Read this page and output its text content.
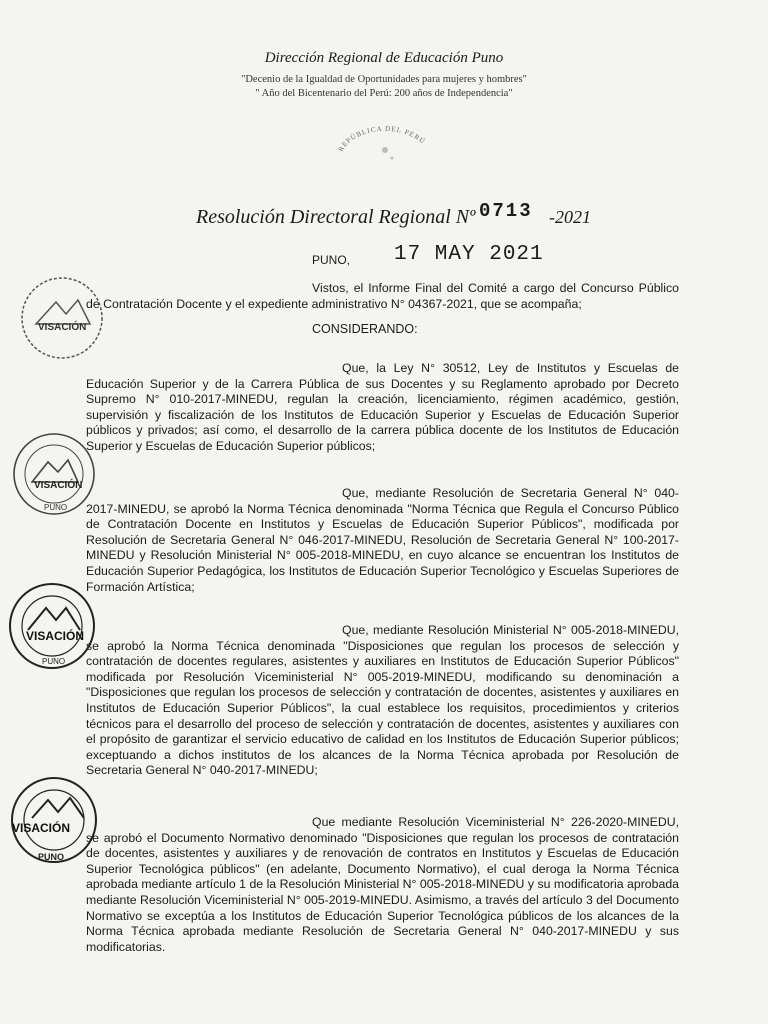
Dirección Regional de Educación Puno
"Decenio de la Igualdad de Oportunidades para mujeres y hombres"
" Año del Bicentenario del Perú: 200 años de Independencia"
REPÚBLICA DEL PERÚ
Resolución Directoral Regional Nº 0713 -2021
PUNO, 17 MAY 2021
Vistos, el Informe Final del Comité a cargo del Concurso Público de Contratación Docente y el expediente administrativo N° 04367-2021, que se acompaña;
CONSIDERANDO:
Que, la Ley N° 30512, Ley de Institutos y Escuelas de Educación Superior y de la Carrera Pública de sus Docentes y su Reglamento aprobado por Decreto Supremo N° 010-2017-MINEDU, regulan la creación, licenciamiento, régimen académico, gestión, supervisión y fiscalización de los Institutos de Educación Superior y Escuelas de Educación Superior públicos y privados; así como, el desarrollo de la carrera pública docente de los Institutos de Educación Superior y Escuelas de Educación Superior públicos;
Que, mediante Resolución de Secretaria General N° 040-2017-MINEDU, se aprobó la Norma Técnica denominada "Norma Técnica que Regula el Concurso Público de Contratación Docente en Institutos y Escuelas de Educación Superior Públicos", modificada por Resolución de Secretaria General N° 046-2017-MINEDU, Resolución de Secretaria General N° 100-2017-MINEDU y Resolución Ministerial N° 005-2018-MINEDU, en cuyo alcance se encuentran los Institutos de Educación Superior Pedagógica, los Institutos de Educación Superior Tecnológico y Escuelas Superiores de Formación Artística;
Que, mediante Resolución Ministerial N° 005-2018-MINEDU, se aprobó la Norma Técnica denominada "Disposiciones que regulan los procesos de selección y contratación de docentes regulares, asistentes y auxiliares en Institutos de Educación Superior Públicos" modificada por Resolución Viceministerial N° 005-2019-MINEDU, modificando su denominación a "Disposiciones que regulan los procesos de selección y contratación de docentes, asistentes y auxiliares en Institutos de Educación Superior Públicos", la cual establece los requisitos, procedimientos y criterios técnicos para el desarrollo del proceso de selección y contratación de docentes, asistentes y auxiliares con el propósito de garantizar el servicio educativo de calidad en los Institutos de Educación Superior públicos; exceptuando a dichos institutos de los alcances de la Norma Técnica aprobada por Resolución de Secretaria General N° 040-2017-MINEDU;
Que mediante Resolución Viceministerial N° 226-2020-MINEDU, se aprobó el Documento Normativo denominado "Disposiciones que regulan los procesos de contratación de docentes, asistentes y auxiliares y de renovación de contratos en Institutos y Escuelas de Educación Superior Tecnológica públicos" (en adelante, Documento Normativo), el cual deroga la Norma Técnica aprobada mediante artículo 1 de la Resolución Ministerial N° 005-2018-MINEDU y su modificatoria aprobada mediante Resolución Viceministerial N° 005-2019-MINEDU. Asimismo, a través del artículo 3 del Documento Normativo se exceptúa a los Institutos de Educación Superior Tecnológica públicos de los alcances de la Norma Técnica aprobada mediante Resolución de Secretaria General N° 040-2017-MINEDU y sus modificatorias.
VISACIÓN
VISACIÓN
PUNO
VISACIÓN
PUNO
VISACIÓN
PUNO
